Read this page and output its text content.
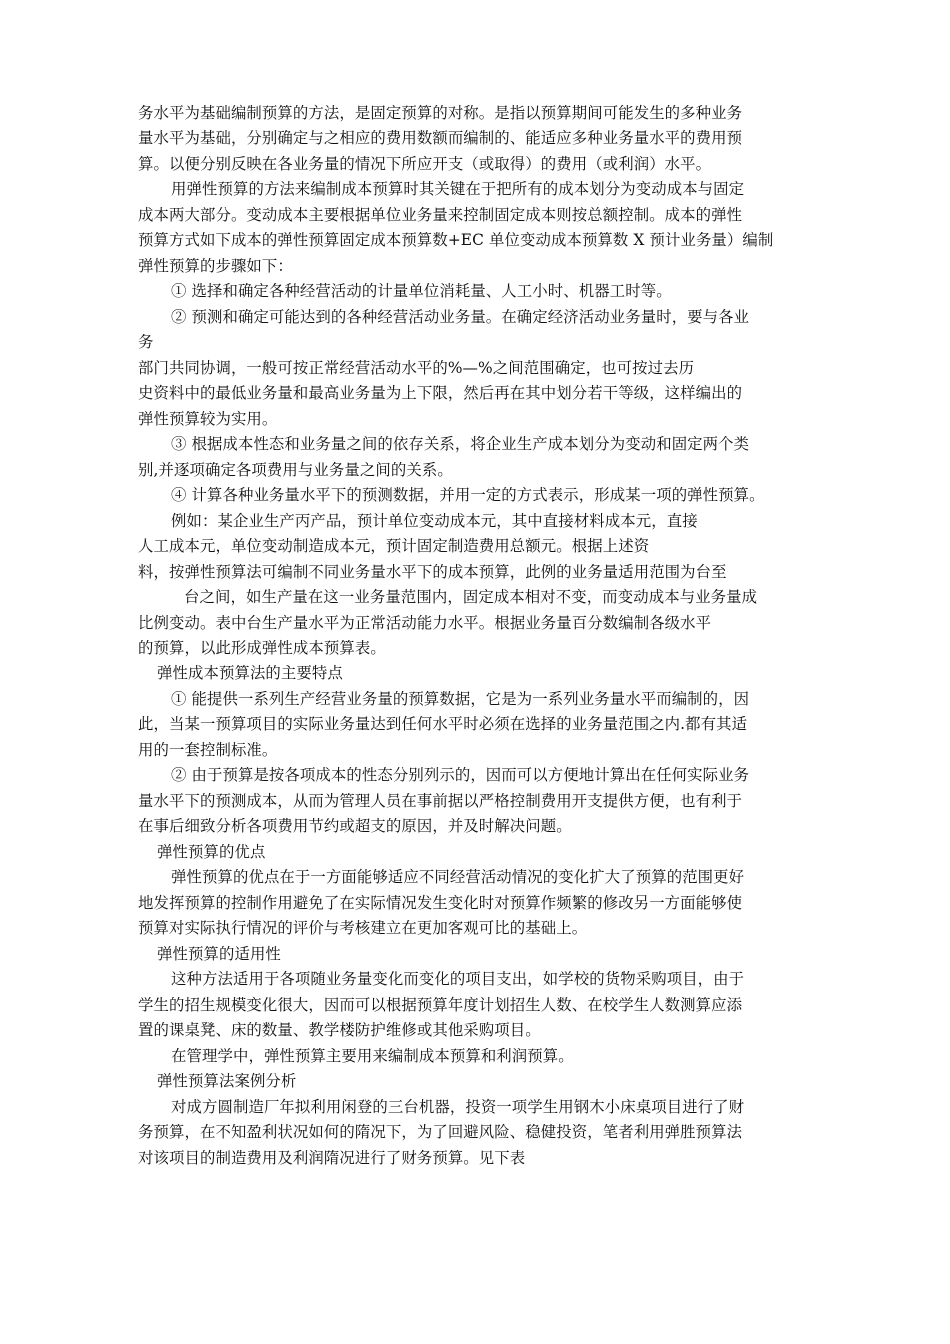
务水平为基础编制预算的方法，是固定预算的对称。是指以预算期间可能发生的多种业务
量水平为基础，分别确定与之相应的费用数额而编制的、能适应多种业务量水平的费用预
算。以便分别反映在各业务量的情况下所应开支（或取得）的费用（或利润）水平。
用弹性预算的方法来编制成本预算时其关键在于把所有的成本划分为变动成本与固定
成本两大部分。变动成本主要根据单位业务量来控制固定成本则按总额控制。成本的弹性
预算方式如下成本的弹性预算固定成本预算数+EC 单位变动成本预算数 X 预计业务量）编制
弹性预算的步骤如下：
① 选择和确定各种经营活动的计量单位消耗量、人工小时、机器工时等。
② 预测和确定可能达到的各种经营活动业务量。在确定经济活动业务量时，要与各业
务
部门共同协调，一般可按正常经营活动水平的%—%之间范围确定，也可按过去历
史资料中的最低业务量和最高业务量为上下限，然后再在其中划分若干等级，这样编出的
弹性预算较为实用。
③ 根据成本性态和业务量之间的依存关系，将企业生产成本划分为变动和固定两个类
别,并逐项确定各项费用与业务量之间的关系。
④ 计算各种业务量水平下的预测数据，并用一定的方式表示，形成某一项的弹性预算。
例如：某企业生产丙产品，预计单位变动成本元，其中直接材料成本元，直接
人工成本元，单位变动制造成本元，预计固定制造费用总额元。根据上述资
料，按弹性预算法可编制不同业务量水平下的成本预算，此例的业务量适用范围为台至
台之间，如生产量在这一业务量范围内，固定成本相对不变，而变动成本与业务量成
比例变动。表中台生产量水平为正常活动能力水平。根据业务量百分数编制各级水平
的预算，以此形成弹性成本预算表。
弹性成本预算法的主要特点
① 能提供一系列生产经营业务量的预算数据，它是为一系列业务量水平而编制的，因
此，当某一预算项目的实际业务量达到任何水平时必须在选择的业务量范围之内.都有其适
用的一套控制标准。
② 由于预算是按各项成本的性态分别列示的，因而可以方便地计算出在任何实际业务
量水平下的预测成本，从而为管理人员在事前据以严格控制费用开支提供方便，也有利于
在事后细致分析各项费用节约或超支的原因，并及时解决问题。
弹性预算的优点
弹性预算的优点在于一方面能够适应不同经营活动情况的变化扩大了预算的范围更好
地发挥预算的控制作用避免了在实际情况发生变化时对预算作频繁的修改另一方面能够使
预算对实际执行情况的评价与考核建立在更加客观可比的基础上。
弹性预算的适用性
这种方法适用于各项随业务量变化而变化的项目支出，如学校的货物采购项目，由于
学生的招生规模变化很大，因而可以根据预算年度计划招生人数、在校学生人数测算应添
置的课桌凳、床的数量、教学楼防护维修或其他采购项目。
在管理学中，弹性预算主要用来编制成本预算和利润预算。
弹性预算法案例分析
对成方圆制造厂年拟利用闲登的三台机器，投资一项学生用钢木小床桌项目进行了财
务预算，在不知盈利状况如何的隋况下，为了回避风险、稳健投资，笔者利用弹胜预算法
对该项目的制造费用及利润隋况进行了财务预算。见下表
